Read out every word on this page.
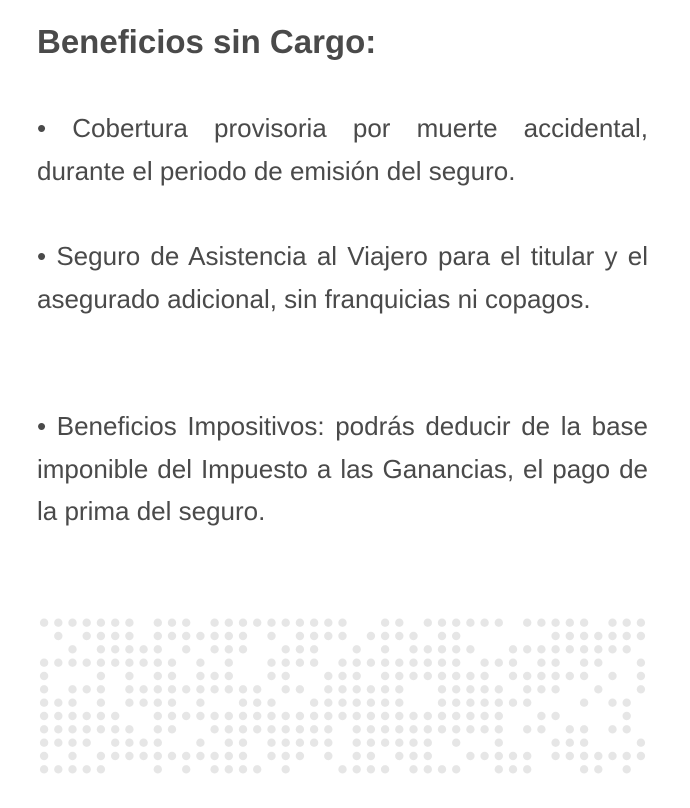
Beneficios sin Cargo:

• Cobertura provisoria por muerte accidental, durante el periodo de emisión del seguro.

• Seguro de Asistencia al Viajero para el titular y el asegurado adicional, sin franquicias ni copagos.

• Beneficios Impositivos: podrás deducir de la base imponible del Impuesto a las Ganancias, el pago de la prima del seguro.
